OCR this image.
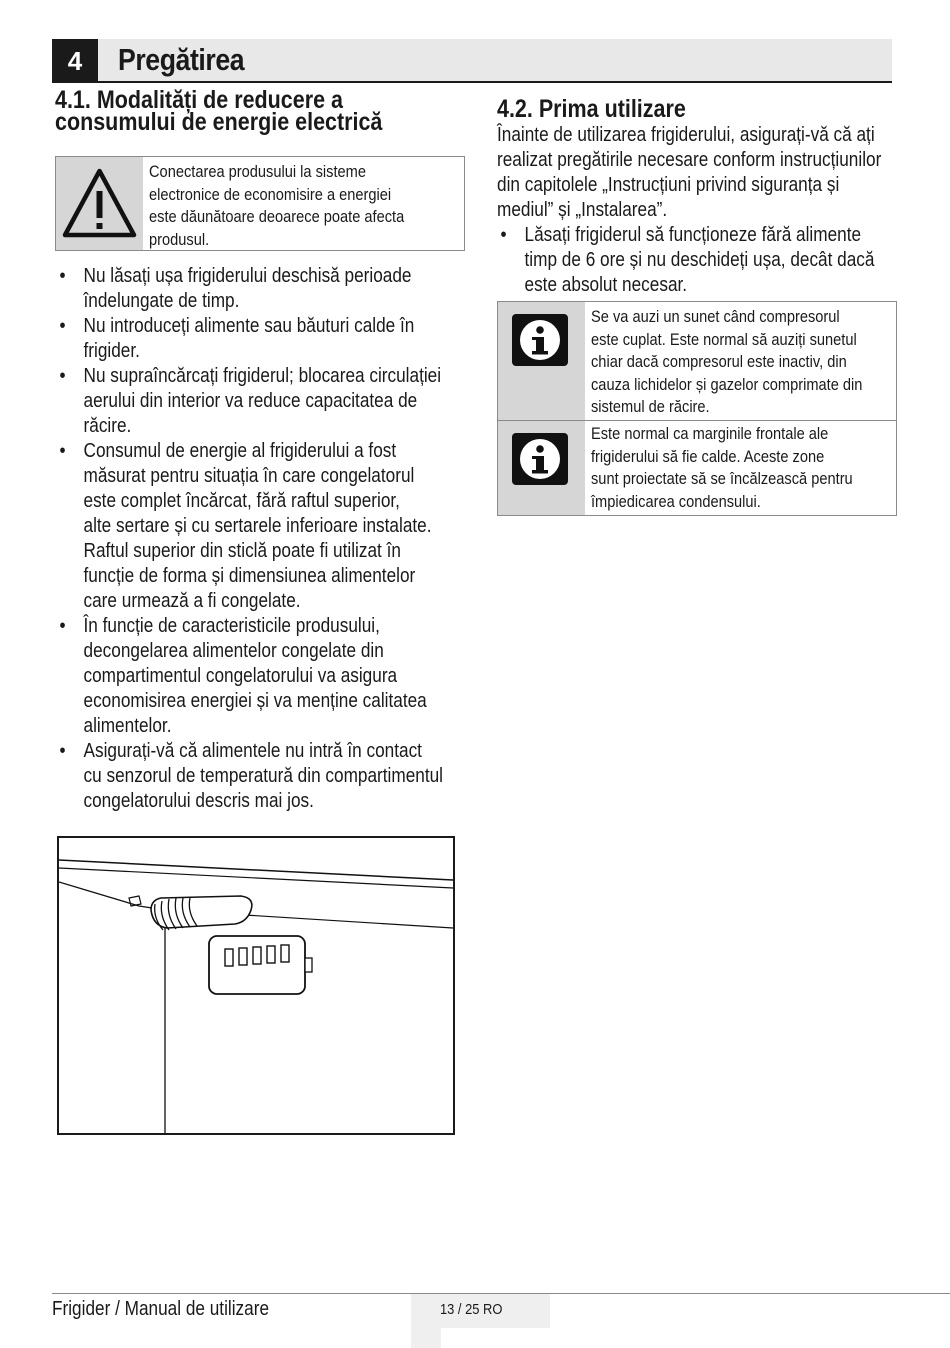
4	Pregătirea
4.1. Modalități de reducere a
consumului de energie electrică
Conectarea produsului la sisteme
electronice de economisire a energiei
este dăunătoare deoarece poate afecta
produsul.
• Nu lăsați ușa frigiderului deschisă perioade
îndelungate de timp.
• Nu introduceți alimente sau băuturi calde în
frigider.
• Nu supraîncărcați frigiderul; blocarea circulației
aerului din interior va reduce capacitatea de
răcire.
• Consumul de energie al frigiderului a fost
măsurat pentru situația în care congelatorul
este complet încărcat, fără raftul superior,
alte sertare și cu sertarele inferioare instalate.
Raftul superior din sticlă poate fi utilizat în
funcție de forma și dimensiunea alimentelor
care urmează a fi congelate.
• În funcție de caracteristicile produsului,
decongelarea alimentelor congelate din
compartimentul congelatorului va asigura
economisirea energiei și va menține calitatea
alimentelor.
• Asigurați-vă că alimentele nu intră în contact
cu senzorul de temperatură din compartimentul
congelatorului descris mai jos.
4.2. Prima utilizare
Înainte de utilizarea frigiderului, asigurați-vă că ați
realizat pregătirile necesare conform instrucțiunilor
din capitolele „Instrucțiuni privind siguranța și
mediul” și „Instalarea”.
• Lăsați frigiderul să funcționeze fără alimente
timp de 6 ore și nu deschideți ușa, decât dacă
este absolut necesar.
Se va auzi un sunet când compresorul
este cuplat. Este normal să auziți sunetul
chiar dacă compresorul este inactiv, din
cauza lichidelor și gazelor comprimate din
sistemul de răcire.
Este normal ca marginile frontale ale
frigiderului să fie calde. Aceste zone
sunt proiectate să se încălzească pentru
împiedicarea condensului.
Frigider / Manual de utilizare	13 / 25 RO
